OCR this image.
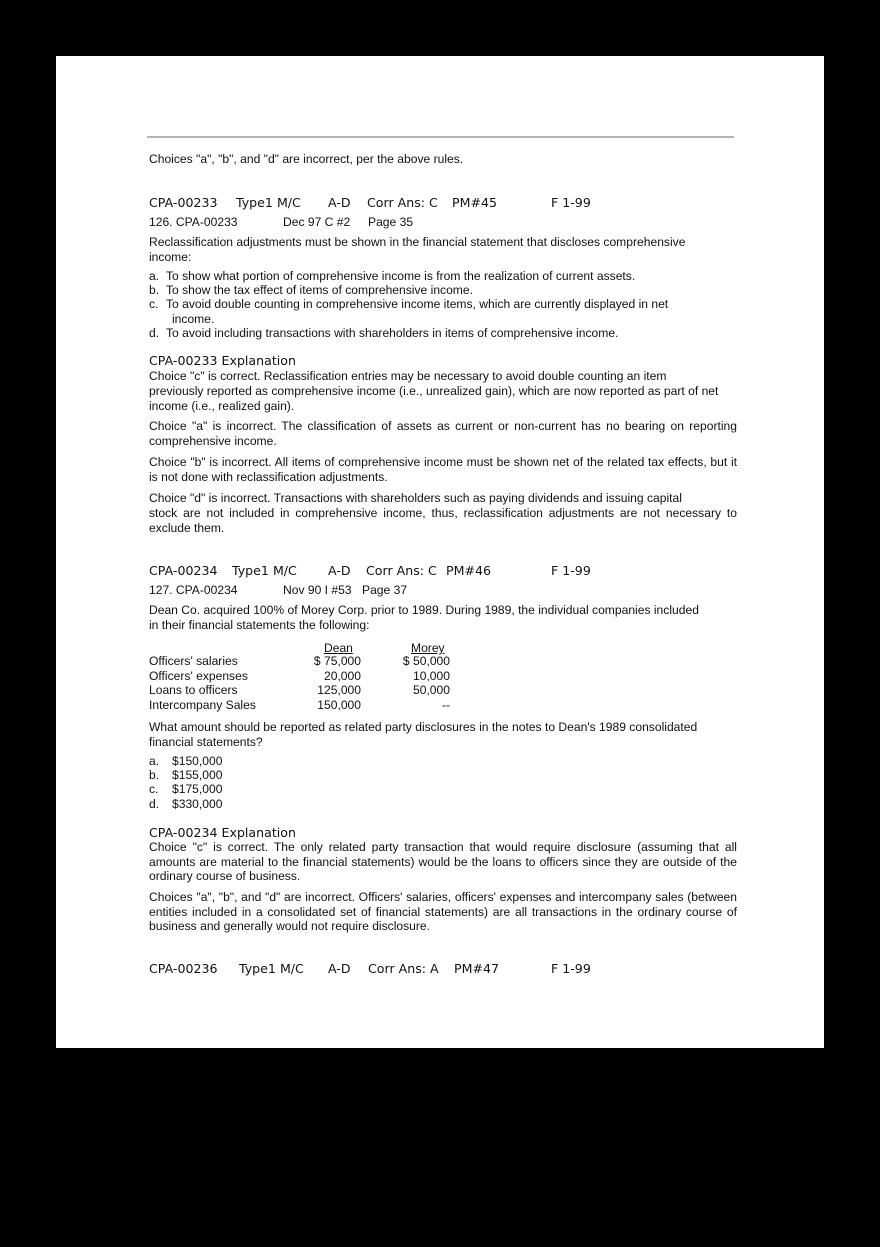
Choices "a", "b", and "d" are incorrect, per the above rules.
CPA-00233 Type1 M/C A-D Corr Ans: C PM#45	F 1-99
126. CPA-00233	Dec 97 C #2 Page 35
Reclassification adjustments must be shown in the financial statement that discloses comprehensive
income:
a. To show what portion of comprehensive income is from the realization of current assets.
b. To show the tax effect of items of comprehensive income.
c. To avoid double counting in comprehensive income items, which are currently displayed in net
income.
d. To avoid including transactions with shareholders in items of comprehensive income.
CPA-00233 Explanation
Choice "c" is correct. Reclassification entries may be necessary to avoid double counting an item
previously reported as comprehensive income (i.e., unrealized gain), which are now reported as part of net
income (i.e., realized gain).
Choice "a" is incorrect. The classification of assets as current or non-current has no bearing on reporting comprehensive income.
Choice "b" is incorrect. All items of comprehensive income must be shown net of the related tax effects, but it is not done with reclassification adjustments.
Choice "d" is incorrect. Transactions with shareholders such as paying dividends and issuing capital
stock are not included in comprehensive income, thus, reclassification adjustments are not necessary to exclude them.
CPA-00234 Type1 M/C A-D Corr Ans: C PM#46	F 1-99
127. CPA-00234	Nov 90 I #53 Page 37
Dean Co. acquired 100% of Morey Corp. prior to 1989. During 1989, the individual companies included
in their financial statements the following:
Dean	Morey
Officers' salaries	$ 75,000	$ 50,000
Officers' expenses	20,000	10,000
Loans to officers	125,000	50,000
Intercompany Sales	150,000	--
What amount should be reported as related party disclosures in the notes to Dean's 1989 consolidated
financial statements?
a. $150,000
b. $155,000
c. $175,000
d. $330,000
CPA-00234 Explanation
Choice "c" is correct. The only related party transaction that would require disclosure (assuming that all amounts are material to the financial statements) would be the loans to officers since they are outside of the ordinary course of business.
Choices "a", "b", and "d" are incorrect. Officers' salaries, officers' expenses and intercompany sales (between entities included in a consolidated set of financial statements) are all transactions in the ordinary course of business and generally would not require disclosure.
CPA-00236 Type1 M/C A-D Corr Ans: A PM#47	F 1-99
